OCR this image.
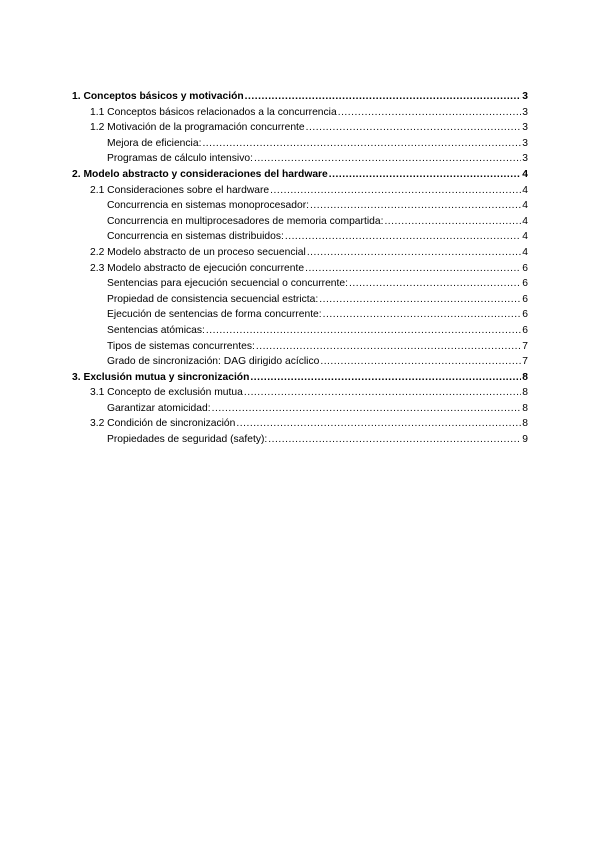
1. Conceptos básicos y motivación .....	3
1.1 Conceptos básicos relacionados a la concurrencia .....	3
1.2 Motivación de la programación concurrente .....	3
Mejora de eficiencia: .....	3
Programas de cálculo intensivo: .....	3
2. Modelo abstracto y consideraciones del hardware .....	4
2.1 Consideraciones sobre el hardware .....	4
Concurrencia en sistemas monoprocesador: .....	4
Concurrencia en multiprocesadores de memoria compartida: .....	4
Concurrencia en sistemas distribuidos: .....	4
2.2 Modelo abstracto de un proceso secuencial .....	4
2.3 Modelo abstracto de ejecución concurrente .....	6
Sentencias para ejecución secuencial o concurrente: .....	6
Propiedad de consistencia secuencial estricta: .....	6
Ejecución de sentencias de forma concurrente: .....	6
Sentencias atómicas: .....	6
Tipos de sistemas concurrentes: .....	7
Grado de sincronización: DAG dirigido acíclico .....	7
3. Exclusión mutua y sincronización .....	8
3.1 Concepto de exclusión mutua .....	8
Garantizar atomicidad: .....	8
3.2 Condición de sincronización .....	8
Propiedades de seguridad (safety): .....	9
